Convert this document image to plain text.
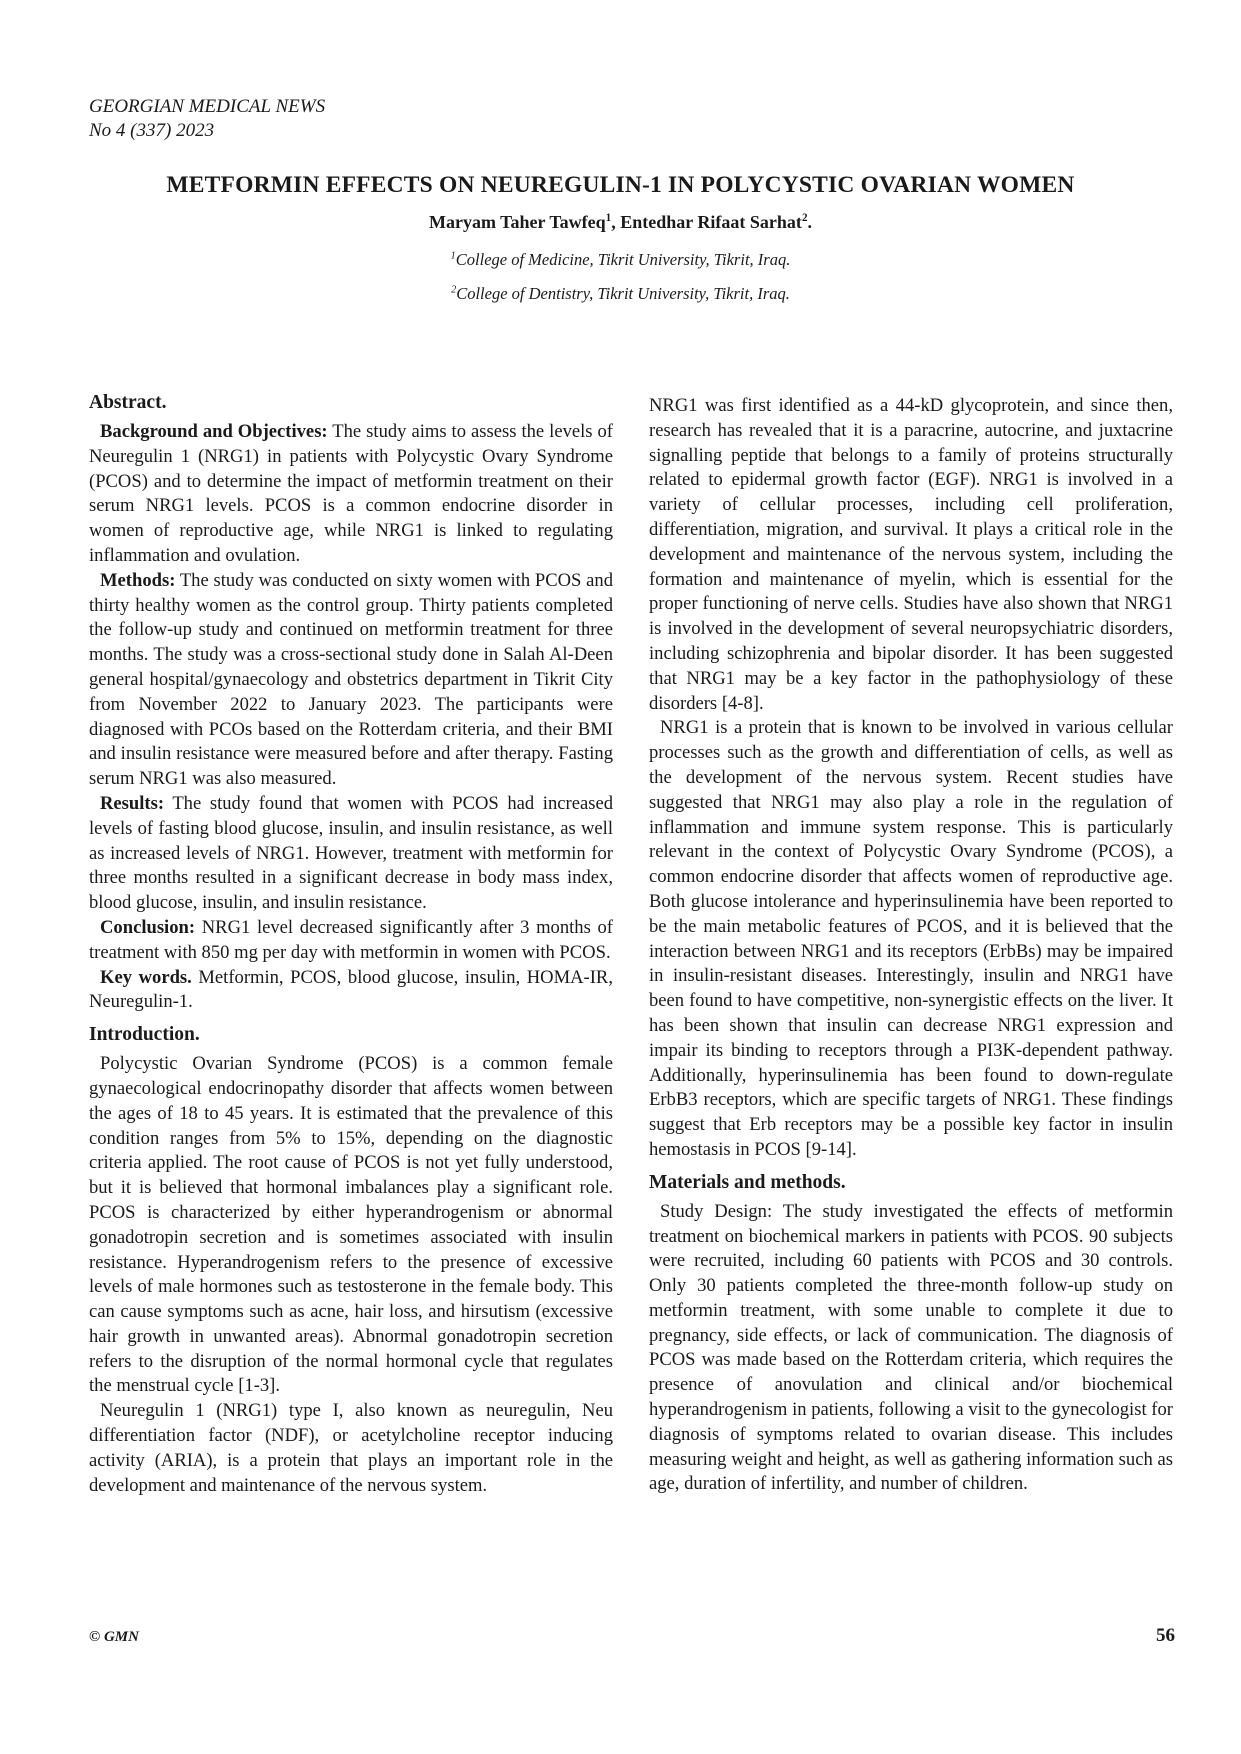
GEORGIAN MEDICAL NEWS
No 4 (337) 2023
METFORMIN EFFECTS ON NEUREGULIN-1 IN POLYCYSTIC OVARIAN WOMEN
Maryam Taher Tawfeq$^1$, Entedhar Rifaat Sarhat$^2$.
$^1$College of Medicine, Tikrit University, Tikrit, Iraq.
$^2$College of Dentistry, Tikrit University, Tikrit, Iraq.
Abstract.

Background and Objectives: The study aims to assess the levels of Neuregulin 1 (NRG1) in patients with Polycystic Ovary Syndrome (PCOS) and to determine the impact of metformin treatment on their serum NRG1 levels. PCOS is a common endocrine disorder in women of reproductive age, while NRG1 is linked to regulating inflammation and ovulation.

Methods: The study was conducted on sixty women with PCOS and thirty healthy women as the control group. Thirty patients completed the follow-up study and continued on metformin treatment for three months. The study was a cross-sectional study done in Salah Al-Deen general hospital/gynaecology and obstetrics department in Tikrit City from November 2022 to January 2023. The participants were diagnosed with PCOs based on the Rotterdam criteria, and their BMI and insulin resistance were measured before and after therapy. Fasting serum NRG1 was also measured.

Results: The study found that women with PCOS had increased levels of fasting blood glucose, insulin, and insulin resistance, as well as increased levels of NRG1. However, treatment with metformin for three months resulted in a significant decrease in body mass index, blood glucose, insulin, and insulin resistance.

Conclusion: NRG1 level decreased significantly after 3 months of treatment with 850 mg per day with metformin in women with PCOS.

Key words. Metformin, PCOS, blood glucose, insulin, HOMA-IR, Neuregulin-1.

Introduction.

Polycystic Ovarian Syndrome (PCOS) is a common female gynaecological endocrinopathy disorder that affects women between the ages of 18 to 45 years. It is estimated that the prevalence of this condition ranges from 5% to 15%, depending on the diagnostic criteria applied. The root cause of PCOS is not yet fully understood, but it is believed that hormonal imbalances play a significant role. PCOS is characterized by either hyperandrogenism or abnormal gonadotropin secretion and is sometimes associated with insulin resistance. Hyperandrogenism refers to the presence of excessive levels of male hormones such as testosterone in the female body. This can cause symptoms such as acne, hair loss, and hirsutism (excessive hair growth in unwanted areas). Abnormal gonadotropin secretion refers to the disruption of the normal hormonal cycle that regulates the menstrual cycle [1-3].

Neuregulin 1 (NRG1) type I, also known as neuregulin, Neu differentiation factor (NDF), or acetylcholine receptor inducing activity (ARIA), is a protein that plays an important role in the development and maintenance of the nervous system.

NRG1 was first identified as a 44-kD glycoprotein, and since then, research has revealed that it is a paracrine, autocrine, and juxtacrine signalling peptide that belongs to a family of proteins structurally related to epidermal growth factor (EGF). NRG1 is involved in a variety of cellular processes, including cell proliferation, differentiation, migration, and survival. It plays a critical role in the development and maintenance of the nervous system, including the formation and maintenance of myelin, which is essential for the proper functioning of nerve cells. Studies have also shown that NRG1 is involved in the development of several neuropsychiatric disorders, including schizophrenia and bipolar disorder. It has been suggested that NRG1 may be a key factor in the pathophysiology of these disorders [4-8].

NRG1 is a protein that is known to be involved in various cellular processes such as the growth and differentiation of cells, as well as the development of the nervous system. Recent studies have suggested that NRG1 may also play a role in the regulation of inflammation and immune system response. This is particularly relevant in the context of Polycystic Ovary Syndrome (PCOS), a common endocrine disorder that affects women of reproductive age. Both glucose intolerance and hyperinsulinemia have been reported to be the main metabolic features of PCOS, and it is believed that the interaction between NRG1 and its receptors (ErbBs) may be impaired in insulin-resistant diseases. Interestingly, insulin and NRG1 have been found to have competitive, non-synergistic effects on the liver. It has been shown that insulin can decrease NRG1 expression and impair its binding to receptors through a PI3K-dependent pathway. Additionally, hyperinsulinemia has been found to down-regulate ErbB3 receptors, which are specific targets of NRG1. These findings suggest that Erb receptors may be a possible key factor in insulin hemostasis in PCOS [9-14].

Materials and methods.

Study Design: The study investigated the effects of metformin treatment on biochemical markers in patients with PCOS. 90 subjects were recruited, including 60 patients with PCOS and 30 controls. Only 30 patients completed the three-month follow-up study on metformin treatment, with some unable to complete it due to pregnancy, side effects, or lack of communication. The diagnosis of PCOS was made based on the Rotterdam criteria, which requires the presence of anovulation and clinical and/or biochemical hyperandrogenism in patients, following a visit to the gynecologist for diagnosis of symptoms related to ovarian disease. This includes measuring weight and height, as well as gathering information such as age, duration of infertility, and number of children.

© GMN	56
